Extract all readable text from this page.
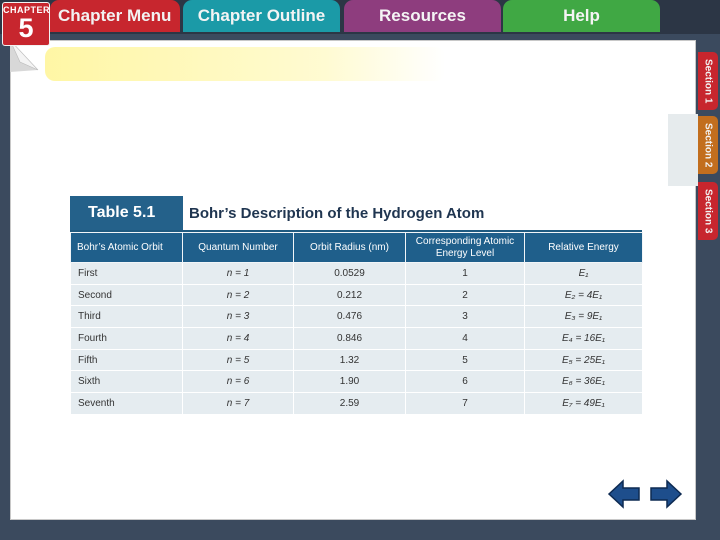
CHAPTER
5	Chapter Menu	Chapter Outline	Resources	Help
Section 1
Section 2
Section 3
Table 5.1	Bohr’s Description of the Hydrogen Atom
Bohr’s Atomic Orbit	Quantum Number	Orbit Radius (nm)	Corresponding Atomic Energy Level	Relative Energy
First	n = 1	0.0529	1	E₁
Second	n = 2	0.212	2	E₂ = 4E₁
Third	n = 3	0.476	3	E₃ = 9E₁
Fourth	n = 4	0.846	4	E₄ = 16E₁
Fifth	n = 5	1.32	5	E₅ = 25E₁
Sixth	n = 6	1.90	6	E₆ = 36E₁
Seventh	n = 7	2.59	7	E₇ = 49E₁
